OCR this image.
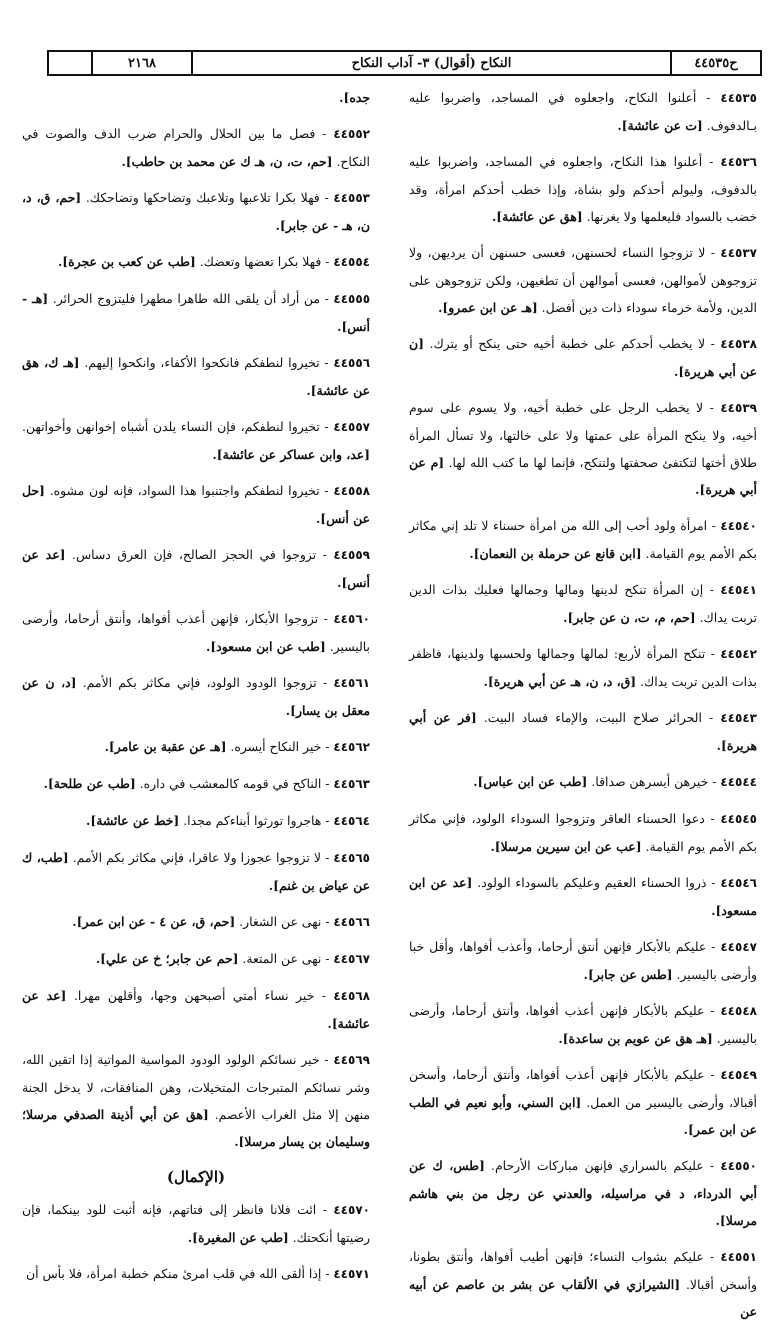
٢١٦٨	النكاح (أقوال) ٣- آداب النكاح	ح٤٤٥٣٥
٤٤٥٣٥ - أعلنوا النكاح، واجعلوه في المساجد، واضربوا عليه بـالدفوف. [ت عن عائشة].
٤٤٥٣٦ - أعلنوا هذا النكاح، واجعلوه في المساجد، واضربوا عليه بالدفوف، وليولم أحدكم ولو بشاة، وإذا خطب أحدكم امرأة، وقد خضب بالسواد فليعلمها ولا يغرنها. [هق عن عائشة].
٤٤٥٣٧ - لا تزوجوا النساء لحسنهن، فعسى حسنهن أن يرديهن، ولا تزوجوهن لأموالهن، فعسى أموالهن أن تطغيهن، ولكن تزوجوهن على الدين، ولأمة خرماء سوداء ذات دين أفضل. [هـ عن ابن عمرو].
٤٤٥٣٨ - لا يخطب أحدكم على خطبة أخيه حتى ينكح أو يترك. [ن عن أبي هريرة].
٤٤٥٣٩ - لا يخطب الرجل على خطبة أخيه، ولا يسوم على سوم أخيه، ولا ينكح المرأة على عمتها ولا على خالتها، ولا تسأل المرأة طلاق أختها لتكتفئ صحفتها ولتنكح، فإنما لها ما كتب الله لها. [م عن أبي هريرة].
٤٤٥٤٠ - امرأة ولود أحب إلى الله من امرأة حسناء لا تلد إني مكاثر بكم الأمم يوم القيامة. [ابن قانع عن حرملة بن النعمان].
٤٤٥٤١ - إن المرأة تنكح لدينها ومالها وجمالها فعليك بذات الدين تربت يداك. [حم، م، ت، ن عن جابر].
٤٤٥٤٢ - تنكح المرأة لأربع: لمالها وجمالها ولحسبها ولدينها، فاظفر بذات الدين تربت يداك. [ق، د، ن، هـ عن أبي هريرة].
٤٤٥٤٣ - الحرائر صلاح البيت، والإماء فساد البيت. [فر عن أبي هريرة].
٤٤٥٤٤ - خيرهن أيسرهن صداقا. [طب عن ابن عباس].
٤٤٥٤٥ - دعوا الحسناء العاقر وتزوجوا السوداء الولود، فإني مكاثر بكم الأمم يوم القيامة. [عب عن ابن سيرين مرسلا].
٤٤٥٤٦ - ذروا الحسناء العقيم وعليكم بالسوداء الولود. [عد عن ابن مسعود].
٤٤٥٤٧ - عليكم بالأبكار فإنهن أنتق أرحاما، وأعذب أفواها، وأقل خبا وأرضى باليسير. [طس عن جابر].
٤٤٥٤٨ - عليكم بالأبكار فإنهن أعذب أفواها، وأنتق أرحاما، وأرضى باليسير. [هـ هق عن عويم بن ساعدة].
٤٤٥٤٩ - عليكم بالأبكار فإنهن أعذب أفواها، وأنتق أرحاما، وأسخن أقبالا، وأرضى باليسير من العمل. [ابن السني، وأبو نعيم في الطب عن ابن عمر].
٤٤٥٥٠ - عليكم بالسراري فإنهن مباركات الأرحام. [طس، ك عن أبي الدرداء، د في مراسيله، والعدني عن رجل من بني هاشم مرسلا].
٤٤٥٥١ - عليكم بشواب النساء؛ فإنهن أطيب أفواها، وأنتق بطونا، وأسخن أقبالا. [الشيرازي في الألقاب عن بشر بن عاصم عن أبيه عن
جده].
٤٤٥٥٢ - فصل ما بين الحلال والحرام ضرب الدف والصوت في النكاح. [حم، ت، ن، هـ ك عن محمد بن حاطب].
٤٤٥٥٣ - فهلا بكرا تلاعبها وتلاعبك وتضاحكها وتضاحكك. [حم، ق، د، ن، هـ - عن جابر].
٤٤٥٥٤ - فهلا بكرا تعضها وتعضك. [طب عن كعب بن عجرة].
٤٤٥٥٥ - من أراد أن يلقى الله طاهرا مطهرا فليتزوج الحرائر. [هـ - أنس].
٤٤٥٥٦ - تخيروا لنطفكم فانكحوا الأكفاء، وانكحوا إليهم. [هـ ك، هق عن عائشة].
٤٤٥٥٧ - تخيروا لنطفكم، فإن النساء يلدن أشباه إخوانهن وأخواتهن. [عد، وابن عساكر عن عائشة].
٤٤٥٥٨ - تخيروا لنطفكم واجتنبوا هذا السواد، فإنه لون مشوه. [حل عن أنس].
٤٤٥٥٩ - تزوجوا في الحجز الصالح، فإن العرق دساس. [عد عن أنس].
٤٤٥٦٠ - تزوجوا الأبكار، فإنهن أعذب أفواها، وأنتق أرحاما، وأرضى باليسير. [طب عن ابن مسعود].
٤٤٥٦١ - تزوجوا الودود الولود، فإني مكاثر بكم الأمم. [د، ن عن معقل بن يسار].
٤٤٥٦٢ - خير النكاح أيسره. [هـ عن عقبة بن عامر].
٤٤٥٦٣ - الناكح في قومه كالمعشب في داره. [طب عن طلحة].
٤٤٥٦٤ - هاجروا تورثوا أبناءكم مجدا. [خط عن عائشة].
٤٤٥٦٥ - لا تزوجوا عجوزا ولا عاقرا، فإني مكاثر بكم الأمم. [طب، ك عن عياض بن غنم].
٤٤٥٦٦ - نهى عن الشغار. [حم، ق، عن ٤ - عن ابن عمر].
٤٤٥٦٧ - نهى عن المتعة. [حم عن جابر؛ خ عن علي].
٤٤٥٦٨ - خير نساء أمتي أصبحهن وجها، وأقلهن مهرا. [عد عن عائشة].
٤٤٥٦٩ - خير نسائكم الولود الودود المواسية المواتية إذا اتقين الله، وشر نسائكم المتبرجات المتخيلات، وهن المنافقات، لا يدخل الجنة منهن إلا مثل الغراب الأعصم. [هق عن أبي أذينة الصدفي مرسلا؛ وسليمان بن يسار مرسلا].
(الإكمال)
٤٤٥٧٠ - ائت فلانا فانظر إلى فتاتهم، فإنه أثبت للود بينكما، فإن رضيتها أنكحتك. [طب عن المغيرة].
٤٤٥٧١ - إذا ألقى الله في قلب امرئ منكم خطبة امرأة، فلا بأس أن
